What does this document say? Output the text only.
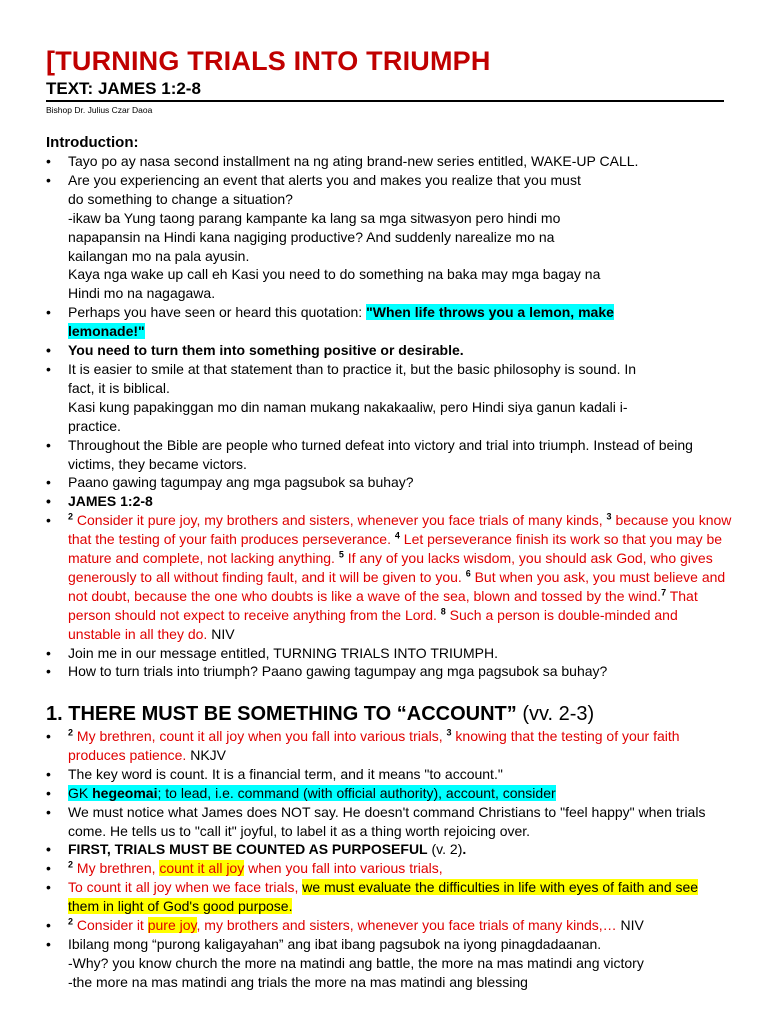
[TURNING TRIALS INTO TRIUMPH
TEXT: JAMES 1:2-8
Bishop Dr. Julius Czar Daoa
Introduction:
• Tayo po ay nasa second installment na ng ating brand-new series entitled, WAKE-UP CALL.
• Are you experiencing an event that alerts you and makes you realize that you must
do something to change a situation?
-ikaw ba Yung taong parang kampante ka lang sa mga sitwasyon pero hindi mo
napapansin na Hindi kana nagiging productive? And suddenly narealize mo na
kailangan mo na pala ayusin.
Kaya nga wake up call eh Kasi you need to do something na baka may mga bagay na
Hindi mo na nagagawa.
• Perhaps you have seen or heard this quotation: "When life throws you a lemon, make
lemonade!"
• You need to turn them into something positive or desirable.
• It is easier to smile at that statement than to practice it, but the basic philosophy is sound. In
fact, it is biblical.
Kasi kung papakinggan mo din naman mukang nakakaaliw, pero Hindi siya ganun kadali i-
practice.
• Throughout the Bible are people who turned defeat into victory and trial into triumph. Instead of being victims, they became victors.
• Paano gawing tagumpay ang mga pagsubok sa buhay?
• JAMES 1:2-8
• $^2$ Consider it pure joy, my brothers and sisters, whenever you face trials of many kinds, $^3$ because you know that the testing of your faith produces perseverance. $^4$ Let perseverance finish its work so that you may be mature and complete, not lacking anything. $^5$ If any of you lacks wisdom, you should ask God, who gives generously to all without finding fault, and it will be given to you. $^6$ But when you ask, you must believe and not doubt, because the one who doubts is like a wave of the sea, blown and tossed by the wind.$^7$ That person should not expect to receive anything from the Lord. $^8$ Such a person is double-minded and unstable in all they do. NIV
• Join me in our message entitled, TURNING TRIALS INTO TRIUMPH.
• How to turn trials into triumph? Paano gawing tagumpay ang mga pagsubok sa buhay?
1. THERE MUST BE SOMETHING TO “ACCOUNT” (vv. 2-3)
• $^2$ My brethren, count it all joy when you fall into various trials, $^3$ knowing that the testing of your faith produces patience. NKJV
• The key word is count. It is a financial term, and it means "to account."
• GK hegeomai; to lead, i.e. command (with official authority), account, consider
• We must notice what James does NOT say. He doesn't command Christians to "feel happy" when trials come. He tells us to "call it" joyful, to label it as a thing worth rejoicing over.
• FIRST, TRIALS MUST BE COUNTED AS PURPOSEFUL (v. 2).
• $^2$ My brethren, count it all joy when you fall into various trials,
• To count it all joy when we face trials, we must evaluate the difficulties in life with eyes of faith and see them in light of God's good purpose.
• $^2$ Consider it pure joy, my brothers and sisters, whenever you face trials of many kinds,… NIV
• Ibilang mong “purong kaligayahan” ang ibat ibang pagsubok na iyong pinagdadaanan.
-Why? you know church the more na matindi ang battle, the more na mas matindi ang victory
-the more na mas matindi ang trials the more na mas matindi ang blessing
